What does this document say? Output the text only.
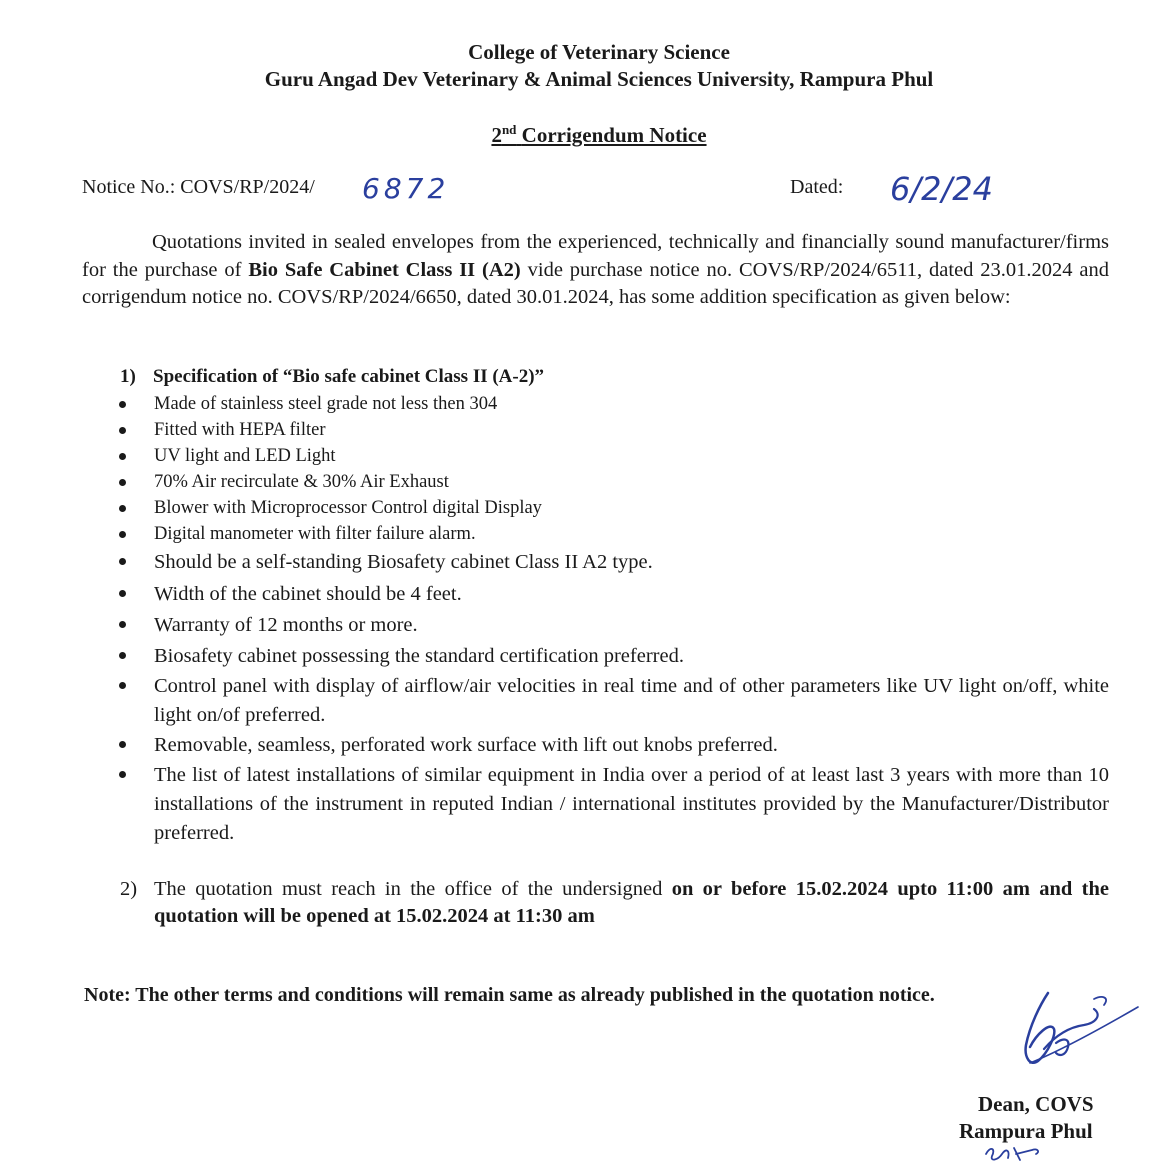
College of Veterinary Science
Guru Angad Dev Veterinary & Animal Sciences University, Rampura Phul
2nd Corrigendum Notice
Notice No.: COVS/RP/2024/ 6872	Dated: 6/2/24
Quotations invited in sealed envelopes from the experienced, technically and financially sound manufacturer/firms for the purchase of Bio Safe Cabinet Class II (A2) vide purchase notice no. COVS/RP/2024/6511, dated 23.01.2024 and corrigendum notice no. COVS/RP/2024/6650, dated 30.01.2024, has some addition specification as given below:
1) Specification of “Bio safe cabinet Class II (A-2)”
Made of stainless steel grade not less then 304
Fitted with HEPA filter
UV light and LED Light
70% Air recirculate & 30% Air Exhaust
Blower with Microprocessor Control digital Display
Digital manometer with filter failure alarm.
Should be a self-standing Biosafety cabinet Class II A2 type.
Width of the cabinet should be 4 feet.
Warranty of 12 months or more.
Biosafety cabinet possessing the standard certification preferred.
Control panel with display of airflow/air velocities in real time and of other parameters like UV light on/off, white light on/of preferred.
Removable, seamless, perforated work surface with lift out knobs preferred.
The list of latest installations of similar equipment in India over a period of at least last 3 years with more than 10 installations of the instrument in reputed Indian / international institutes provided by the Manufacturer/Distributor preferred.
2) The quotation must reach in the office of the undersigned on or before 15.02.2024 upto 11:00 am and the quotation will be opened at 15.02.2024 at 11:30 am
Note: The other terms and conditions will remain same as already published in the quotation notice.
Dean, COVS
Rampura Phul
